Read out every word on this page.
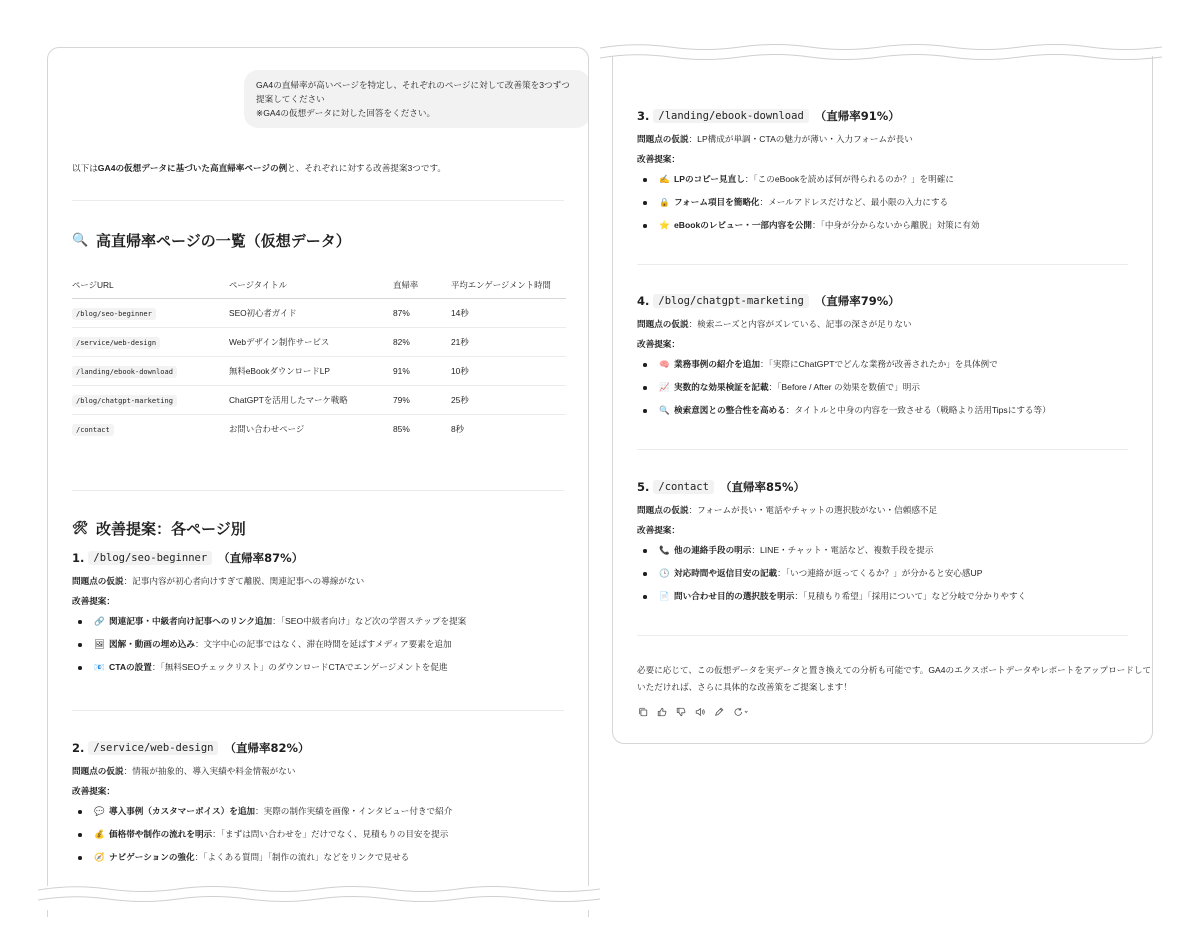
GA4の直帰率が高いページを特定し、それぞれのページに対して改善策を3つずつ
提案してください
※GA4の仮想データに対した回答をください。
以下はGA4の仮想データに基づいた高直帰率ページの例と、それぞれに対する改善提案3つです。
🔍 高直帰率ページの一覧（仮想データ）
ページURL	ページタイトル	直帰率	平均エンゲージメント時間
/blog/seo-beginner	SEO初心者ガイド	87%	14秒
/service/web-design	Webデザイン制作サービス	82%	21秒
/landing/ebook-download	無料eBookダウンロードLP	91%	10秒
/blog/chatgpt-marketing	ChatGPTを活用したマーケ戦略	79%	25秒
/contact	お問い合わせページ	85%	8秒
🛠 改善提案：各ページ別
1. /blog/seo-beginner （直帰率87%）
問題点の仮説：記事内容が初心者向けすぎて離脱、関連記事への導線がない
改善提案：
🔗 関連記事・中級者向け記事へのリンク追加：「SEO中級者向け」など次の学習ステップを提案
🖼 図解・動画の埋め込み：文字中心の記事ではなく、滞在時間を延ばすメディア要素を追加
📧 CTAの設置：「無料SEOチェックリスト」のダウンロードCTAでエンゲージメントを促進
2. /service/web-design （直帰率82%）
問題点の仮説：情報が抽象的、導入実績や料金情報がない
改善提案：
💬 導入事例（カスタマーボイス）を追加：実際の制作実績を画像・インタビュー付きで紹介
💰 価格帯や制作の流れを明示：「まずは問い合わせを」だけでなく、見積もりの目安を提示
🧭 ナビゲーションの強化：「よくある質問」「制作の流れ」などをリンクで見せる
3. /landing/ebook-download （直帰率91%）
問題点の仮説：LP構成が単調・CTAの魅力が薄い・入力フォームが長い
改善提案：
✍ LPのコピー見直し：「このeBookを読めば何が得られるのか？」を明確に
🔒 フォーム項目を簡略化：メールアドレスだけなど、最小限の入力にする
⭐ eBookのレビュー・一部内容を公開：「中身が分からないから離脱」対策に有効
4. /blog/chatgpt-marketing （直帰率79%）
問題点の仮説：検索ニーズと内容がズレている、記事の深さが足りない
改善提案：
🧠 業務事例の紹介を追加：「実際にChatGPTでどんな業務が改善されたか」を具体例で
📈 実数的な効果検証を記載：「Before / After の効果を数値で」明示
🔍 検索意図との整合性を高める：タイトルと中身の内容を一致させる（戦略より活用Tipsにする等）
5. /contact （直帰率85%）
問題点の仮説：フォームが長い・電話やチャットの選択肢がない・信頼感不足
改善提案：
📞 他の連絡手段の明示：LINE・チャット・電話など、複数手段を提示
🕒 対応時間や返信目安の記載：「いつ連絡が返ってくるか？」が分かると安心感UP
📄 問い合わせ目的の選択肢を明示：「見積もり希望」「採用について」など分岐で分かりやすく
必要に応じて、この仮想データを実データと置き換えての分析も可能です。GA4のエクスポートデータやレポートをアップロードして
いただければ、さらに具体的な改善策をご提案します！
